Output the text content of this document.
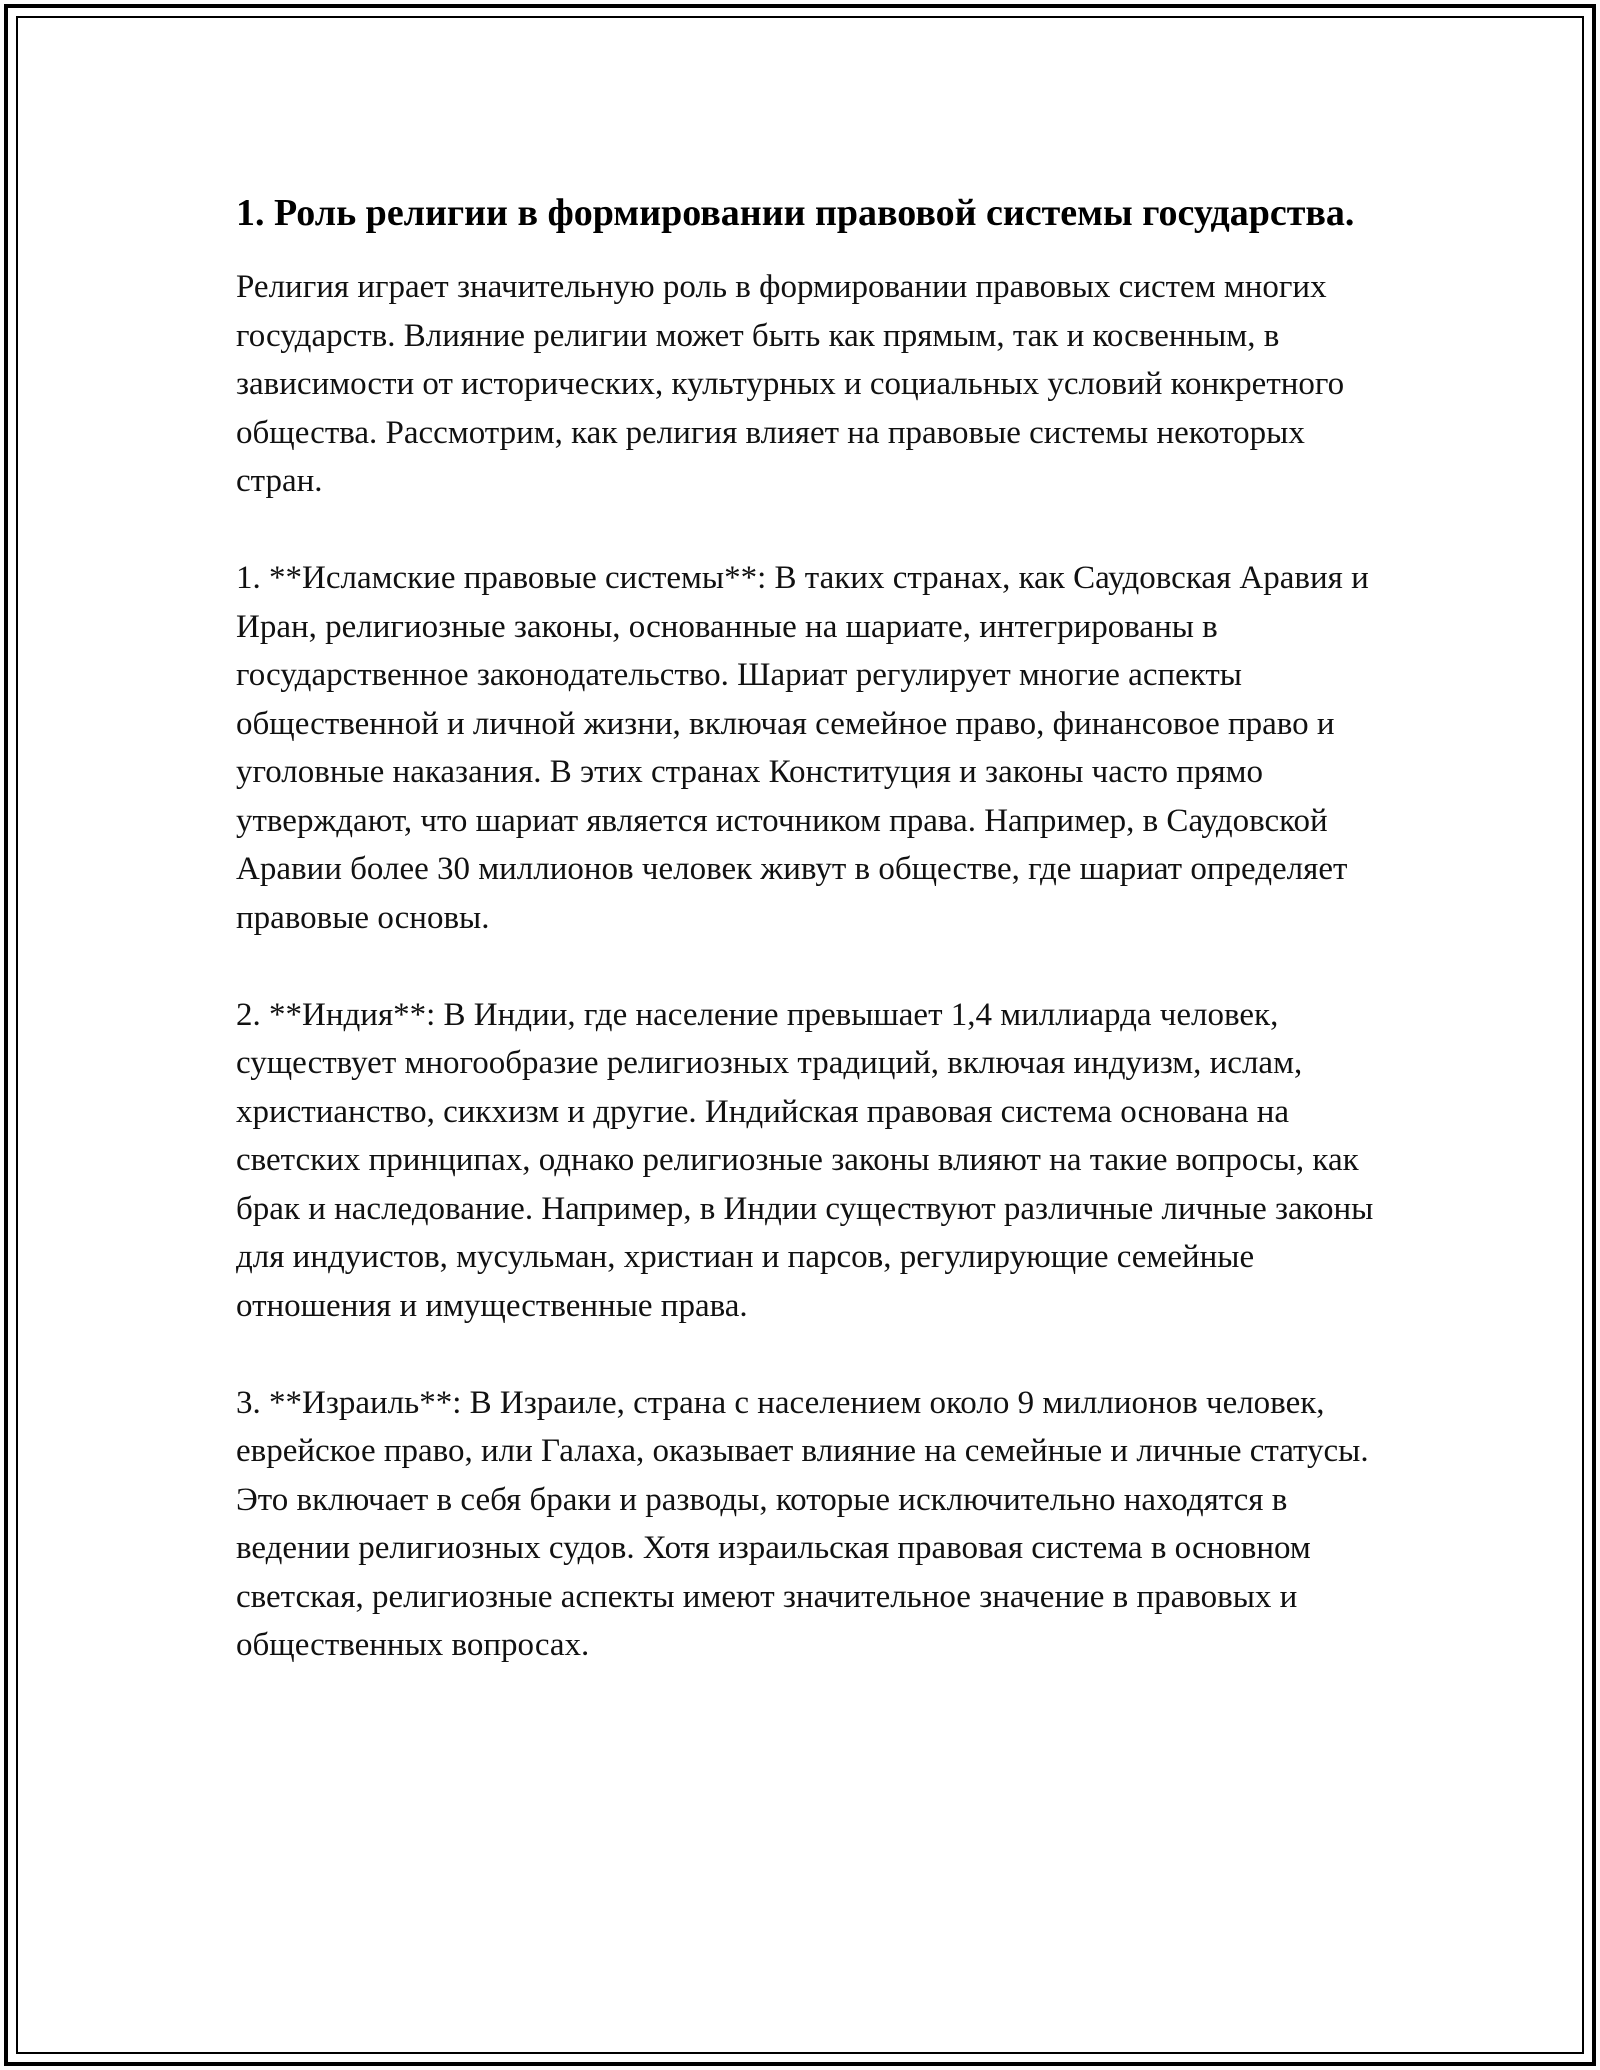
1. Роль религии в формировании правовой системы государства.

Религия играет значительную роль в формировании правовых систем многих государств. Влияние религии может быть как прямым, так и косвенным, в зависимости от исторических, культурных и социальных условий конкретного общества. Рассмотрим, как религия влияет на правовые системы некоторых стран.

1. **Исламские правовые системы**: В таких странах, как Саудовская Аравия и Иран, религиозные законы, основанные на шариате, интегрированы в государственное законодательство. Шариат регулирует многие аспекты общественной и личной жизни, включая семейное право, финансовое право и уголовные наказания. В этих странах Конституция и законы часто прямо утверждают, что шариат является источником права. Например, в Саудовской Аравии более 30 миллионов человек живут в обществе, где шариат определяет правовые основы.

2. **Индия**: В Индии, где население превышает 1,4 миллиарда человек, существует многообразие религиозных традиций, включая индуизм, ислам, христианство, сикхизм и другие. Индийская правовая система основана на светских принципах, однако религиозные законы влияют на такие вопросы, как брак и наследование. Например, в Индии существуют различные личные законы для индуистов, мусульман, христиан и парсов, регулирующие семейные отношения и имущественные права.

3. **Израиль**: В Израиле, страна с населением около 9 миллионов человек, еврейское право, или Галаха, оказывает влияние на семейные и личные статусы. Это включает в себя браки и разводы, которые исключительно находятся в ведении религиозных судов. Хотя израильская правовая система в основном светская, религиозные аспекты имеют значительное значение в правовых и общественных вопросах.
